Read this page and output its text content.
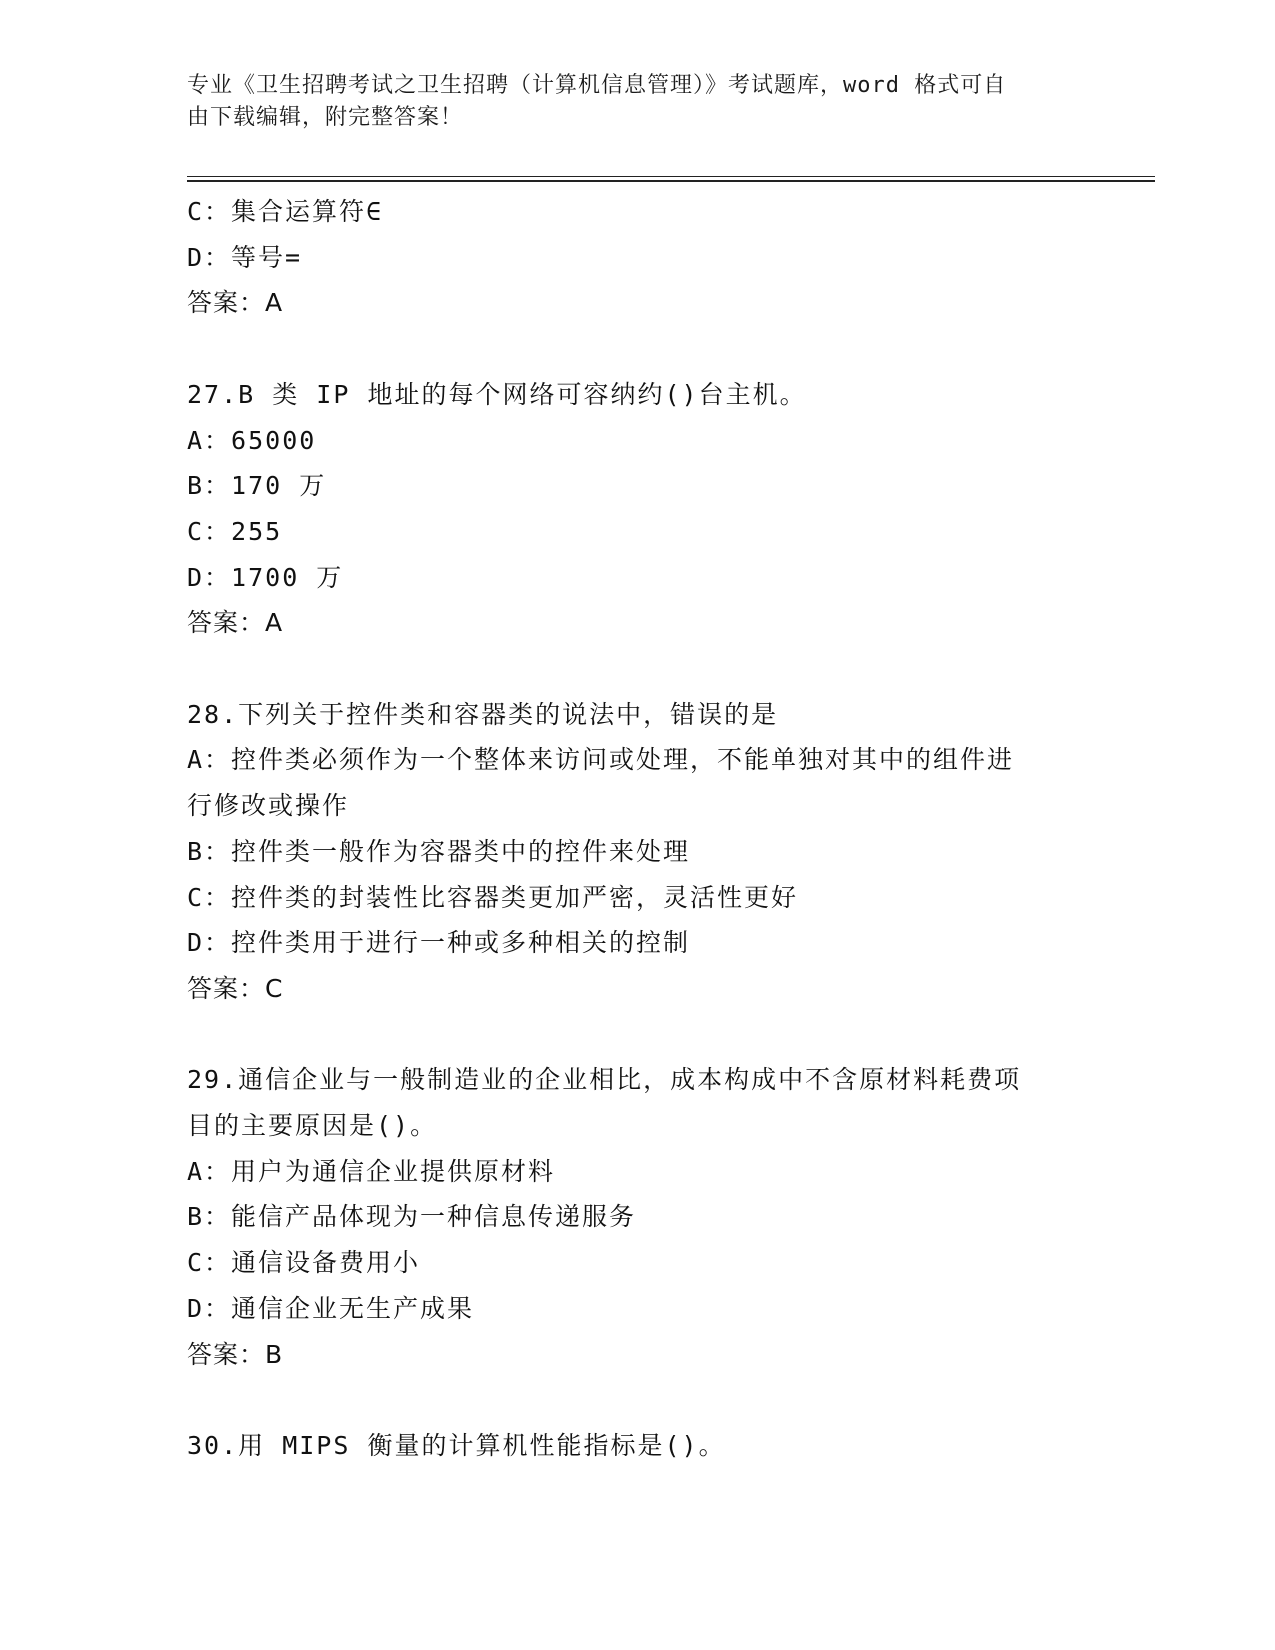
专业《卫生招聘考试之卫生招聘（计算机信息管理）》考试题库，word 格式可自
由下载编辑，附完整答案！
C：集合运算符∈
D：等号=
答案：A
27.B 类 IP 地址的每个网络可容纳约()台主机。
A：65000
B：170 万
C：255
D：1700 万
答案：A
28.下列关于控件类和容器类的说法中，错误的是
A：控件类必须作为一个整体来访问或处理，不能单独对其中的组件进
行修改或操作
B：控件类一般作为容器类中的控件来处理
C：控件类的封装性比容器类更加严密，灵活性更好
D：控件类用于进行一种或多种相关的控制
答案：C
29.通信企业与一般制造业的企业相比，成本构成中不含原材料耗费项
目的主要原因是()。
A：用户为通信企业提供原材料
B：能信产品体现为一种信息传递服务
C：通信设备费用小
D：通信企业无生产成果
答案：B
30.用 MIPS 衡量的计算机性能指标是()。
